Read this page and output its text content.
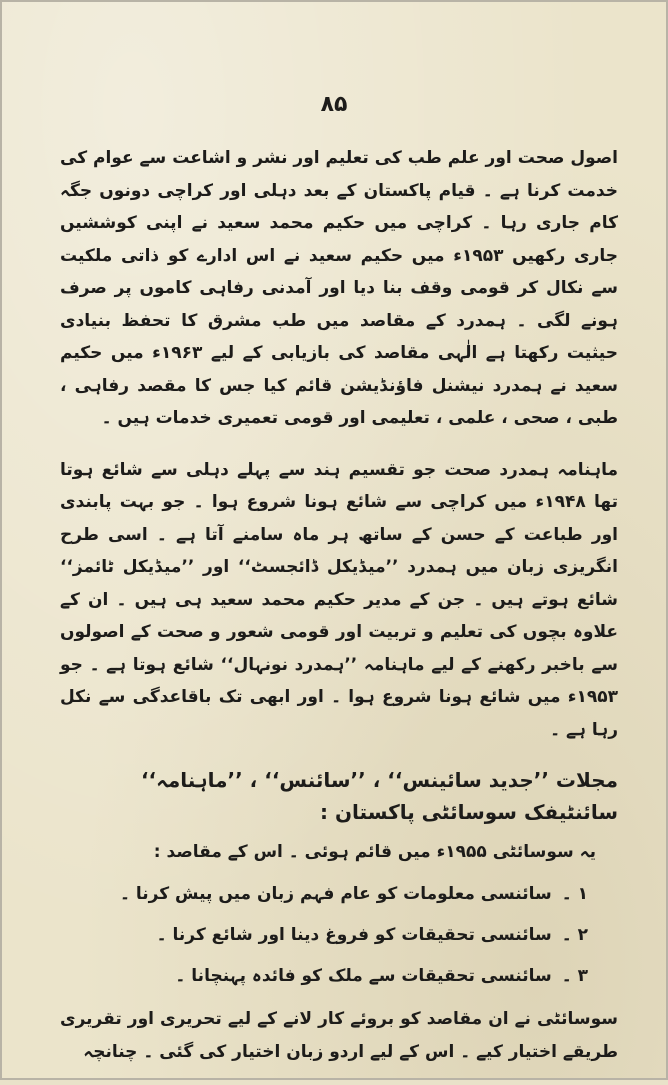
۸۵

اصول صحت اور علم طب کی تعلیم اور نشر و اشاعت سے عوام کی خدمت کرنا ہے ۔ قیام پاکستان کے بعد دہلی اور کراچی دونوں جگہ کام جاری رہا ۔ کراچی میں حکیم محمد سعید نے اپنی کوششیں جاری رکھیں ۱۹۵۳ء میں حکیم سعید نے اس ادارے کو ذاتی ملکیت سے نکال کر قومی وقف بنا دیا اور آمدنی رفاہی کاموں پر صرف ہونے لگی ۔ ہمدرد کے مقاصد میں طب مشرق کا تحفظ بنیادی حیثیت رکھتا ہے الٰہی مقاصد کی بازیابی کے لیے ۱۹۶۳ء میں حکیم سعید نے ہمدرد نیشنل فاؤنڈیشن قائم کیا جس کا مقصد رفاہی ، طبی ، صحی ، علمی ، تعلیمی اور قومی تعمیری خدمات ہیں ۔

ماہنامہ ہمدرد صحت جو تقسیم ہند سے پہلے دہلی سے شائع ہوتا تھا ۱۹۴۸ء میں کراچی سے شائع ہونا شروع ہوا ۔ جو بہت پابندی اور طباعت کے حسن کے ساتھ ہر ماہ سامنے آتا ہے ۔ اسی طرح انگریزی زبان میں ہمدرد ’’میڈیکل ڈائجسٹ‘‘ اور ’’میڈیکل ٹائمز‘‘ شائع ہوتے ہیں ۔ جن کے مدیر حکیم محمد سعید ہی ہیں ۔ ان کے علاوہ بچوں کی تعلیم و تربیت اور قومی شعور و صحت کے اصولوں سے باخبر رکھنے کے لیے ماہنامہ ’’ہمدرد نونہال‘‘ شائع ہوتا ہے ۔ جو ۱۹۵۳ء میں شائع ہونا شروع ہوا ۔ اور ابھی تک باقاعدگی سے نکل رہا ہے ۔

مجلات ’’جدید سائینس‘‘ ، ’’سائنس‘‘ ، ’’ماہنامہ‘‘
سائنٹیفک سوسائٹی پاکستان :

یہ سوسائٹی ۱۹۵۵ء میں قائم ہوئی ۔ اس کے مقاصد :

۱ ۔
سائنسی معلومات کو عام فہم زبان میں پیش کرنا ۔
۲ ۔
سائنسی تحقیقات کو فروغ دینا اور شائع کرنا ۔
۳ ۔
سائنسی تحقیقات سے ملک کو فائدہ پہنچانا ۔

سوسائٹی نے ان مقاصد کو بروئے کار لانے کے لیے تحریری اور تقریری طریقے اختیار کیے ۔ اس کے لیے اردو زبان اختیار کی گئی ۔ چنانچہ
